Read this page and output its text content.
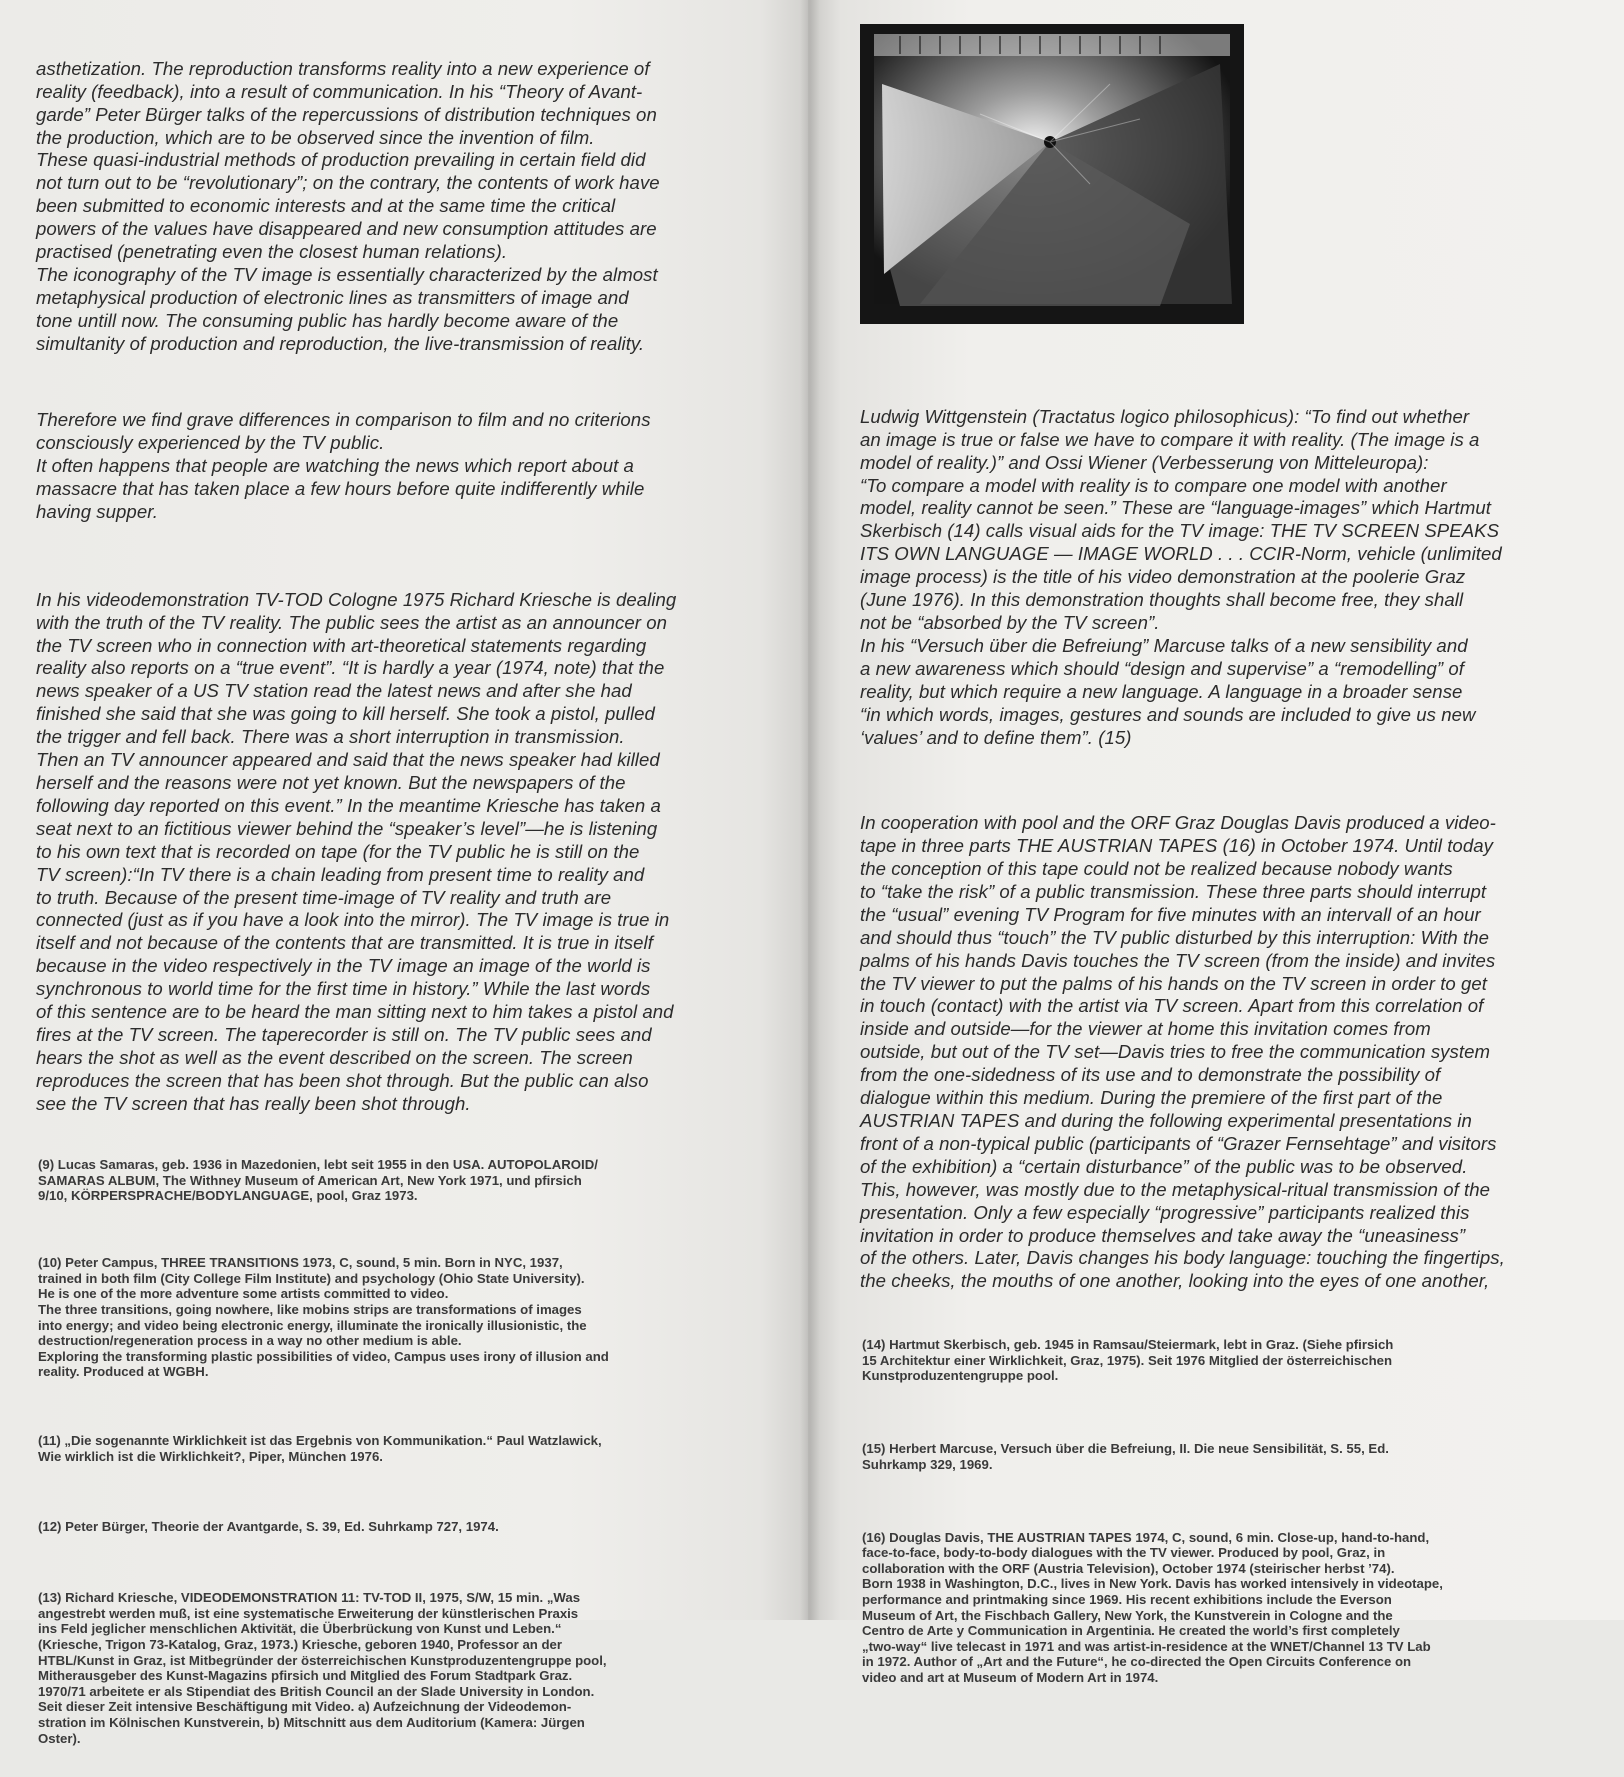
asthetization. The reproduction transforms reality into a new experience of
reality (feedback), into a result of communication. In his “Theory of Avant-
garde” Peter Bürger talks of the repercussions of distribution techniques on
the production, which are to be observed since the invention of film.
These quasi-industrial methods of production prevailing in certain field did
not turn out to be “revolutionary”; on the contrary, the contents of work have
been submitted to economic interests and at the same time the critical
powers of the values have disappeared and new consumption attitudes are
practised (penetrating even the closest human relations).
The iconography of the TV image is essentially characterized by the almost
metaphysical production of electronic lines as transmitters of image and
tone untill now. The consuming public has hardly become aware of the
simultanity of production and reproduction, the live-transmission of reality.

Therefore we find grave differences in comparison to film and no criterions
consciously experienced by the TV public.
It often happens that people are watching the news which report about a
massacre that has taken place a few hours before quite indifferently while
having supper.

In his videodemonstration TV-TOD Cologne 1975 Richard Kriesche is dealing
with the truth of the TV reality. The public sees the artist as an announcer on
the TV screen who in connection with art-theoretical statements regarding
reality also reports on a “true event”. “It is hardly a year (1974, note) that the
news speaker of a US TV station read the latest news and after she had
finished she said that she was going to kill herself. She took a pistol, pulled
the trigger and fell back. There was a short interruption in transmission.
Then an TV announcer appeared and said that the news speaker had killed
herself and the reasons were not yet known. But the newspapers of the
following day reported on this event.” In the meantime Kriesche has taken a
seat next to an fictitious viewer behind the “speaker’s level”—he is listening
to his own text that is recorded on tape (for the TV public he is still on the
TV screen):“In TV there is a chain leading from present time to reality and
to truth. Because of the present time-image of TV reality and truth are
connected (just as if you have a look into the mirror). The TV image is true in
itself and not because of the contents that are transmitted. It is true in itself
because in the video respectively in the TV image an image of the world is
synchronous to world time for the first time in history.” While the last words
of this sentence are to be heard the man sitting next to him takes a pistol and
fires at the TV screen. The taperecorder is still on. The TV public sees and
hears the shot as well as the event described on the screen. The screen
reproduces the screen that has been shot through. But the public can also
see the TV screen that has really been shot through.

(9) Lucas Samaras, geb. 1936 in Mazedonien, lebt seit 1955 in den USA. AUTOPOLAROID/
SAMARAS ALBUM, The Withney Museum of American Art, New York 1971, und pfirsich
9/10, KÖRPERSPRACHE/BODYLANGUAGE, pool, Graz 1973.

(10) Peter Campus, THREE TRANSITIONS 1973, C, sound, 5 min. Born in NYC, 1937,
trained in both film (City College Film Institute) and psychology (Ohio State University).
He is one of the more adventure some artists committed to video.
The three transitions, going nowhere, like mobins strips are transformations of images
into energy; and video being electronic energy, illuminate the ironically illusionistic, the
destruction/regeneration process in a way no other medium is able.
Exploring the transforming plastic possibilities of video, Campus uses irony of illusion and
reality. Produced at WGBH.

(11) „Die sogenannte Wirklichkeit ist das Ergebnis von Kommunikation.“ Paul Watzlawick,
Wie wirklich ist die Wirklichkeit?, Piper, München 1976.

(12) Peter Bürger, Theorie der Avantgarde, S. 39, Ed. Suhrkamp 727, 1974.

(13) Richard Kriesche, VIDEODEMONSTRATION 11: TV-TOD II, 1975, S/W, 15 min. „Was
angestrebt werden muß, ist eine systematische Erweiterung der künstlerischen Praxis
ins Feld jeglicher menschlichen Aktivität, die Überbrückung von Kunst und Leben.“
(Kriesche, Trigon 73-Katalog, Graz, 1973.) Kriesche, geboren 1940, Professor an der
HTBL/Kunst in Graz, ist Mitbegründer der österreichischen Kunstproduzentengruppe pool,
Mitherausgeber des Kunst-Magazins pfirsich und Mitglied des Forum Stadtpark Graz.
1970/71 arbeitete er als Stipendiat des British Council an der Slade University in London.
Seit dieser Zeit intensive Beschäftigung mit Video. a) Aufzeichnung der Videodemon-
stration im Kölnischen Kunstverein, b) Mitschnitt aus dem Auditorium (Kamera: Jürgen
Oster).

Ludwig Wittgenstein (Tractatus logico philosophicus): “To find out whether
an image is true or false we have to compare it with reality. (The image is a
model of reality.)” and Ossi Wiener (Verbesserung von Mitteleuropa):
“To compare a model with reality is to compare one model with another
model, reality cannot be seen.” These are “language-images” which Hartmut
Skerbisch (14) calls visual aids for the TV image: THE TV SCREEN SPEAKS
ITS OWN LANGUAGE — IMAGE WORLD . . . CCIR-Norm, vehicle (unlimited
image process) is the title of his video demonstration at the poolerie Graz
(June 1976). In this demonstration thoughts shall become free, they shall
not be “absorbed by the TV screen”.
In his “Versuch über die Befreiung” Marcuse talks of a new sensibility and
a new awareness which should “design and supervise” a “remodelling” of
reality, but which require a new language. A language in a broader sense
“in which words, images, gestures and sounds are included to give us new
‘values’ and to define them”. (15)

In cooperation with pool and the ORF Graz Douglas Davis produced a video-
tape in three parts THE AUSTRIAN TAPES (16) in October 1974. Until today
the conception of this tape could not be realized because nobody wants
to “take the risk” of a public transmission. These three parts should interrupt
the “usual” evening TV Program for five minutes with an intervall of an hour
and should thus “touch” the TV public disturbed by this interruption: With the
palms of his hands Davis touches the TV screen (from the inside) and invites
the TV viewer to put the palms of his hands on the TV screen in order to get
in touch (contact) with the artist via TV screen. Apart from this correlation of
inside and outside—for the viewer at home this invitation comes from
outside, but out of the TV set—Davis tries to free the communication system
from the one-sidedness of its use and to demonstrate the possibility of
dialogue within this medium. During the premiere of the first part of the
AUSTRIAN TAPES and during the following experimental presentations in
front of a non-typical public (participants of “Grazer Fernsehtage” and visitors
of the exhibition) a “certain disturbance” of the public was to be observed.
This, however, was mostly due to the metaphysical-ritual transmission of the
presentation. Only a few especially “progressive” participants realized this
invitation in order to produce themselves and take away the “uneasiness”
of the others. Later, Davis changes his body language: touching the fingertips,
the cheeks, the mouths of one another, looking into the eyes of one another,

(14) Hartmut Skerbisch, geb. 1945 in Ramsau/Steiermark, lebt in Graz. (Siehe pfirsich
15 Architektur einer Wirklichkeit, Graz, 1975). Seit 1976 Mitglied der österreichischen
Kunstproduzentengruppe pool.

(15) Herbert Marcuse, Versuch über die Befreiung, II. Die neue Sensibilität, S. 55, Ed.
Suhrkamp 329, 1969.

(16) Douglas Davis, THE AUSTRIAN TAPES 1974, C, sound, 6 min. Close-up, hand-to-hand,
face-to-face, body-to-body dialogues with the TV viewer. Produced by pool, Graz, in
collaboration with the ORF (Austria Television), October 1974 (steirischer herbst ’74).
Born 1938 in Washington, D.C., lives in New York. Davis has worked intensively in videotape,
performance and printmaking since 1969. His recent exhibitions include the Everson
Museum of Art, the Fischbach Gallery, New York, the Kunstverein in Cologne and the
Centro de Arte y Communication in Argentinia. He created the world’s first completely
„two-way“ live telecast in 1971 and was artist-in-residence at the WNET/Channel 13 TV Lab
in 1972. Author of „Art and the Future“, he co-directed the Open Circuits Conference on
video and art at Museum of Modern Art in 1974.
